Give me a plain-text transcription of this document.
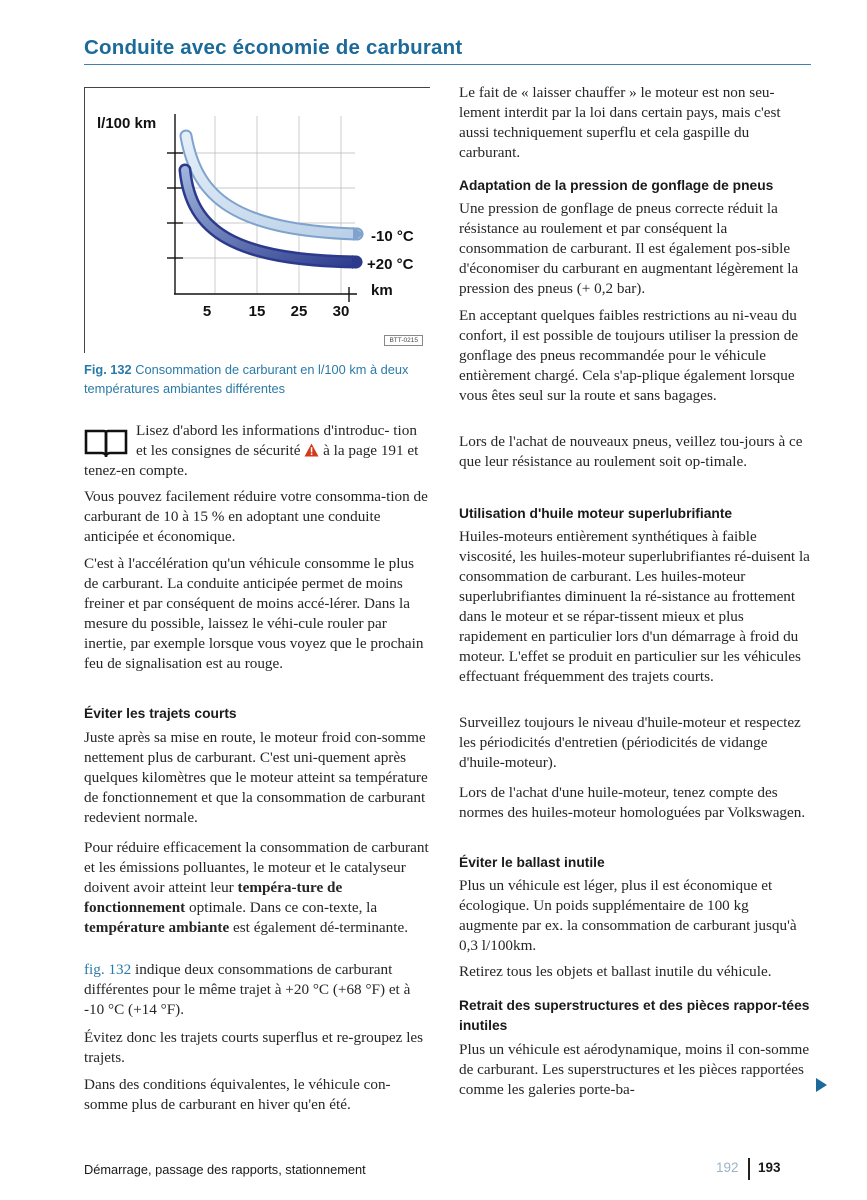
Conduite avec économie de carburant
l/100 km
-10 °C
+20 °C
km
5 15 25 30
BTT-0215
Fig. 132 Consommation de carburant en l/100 km à deux températures ambiantes différentes

Lisez d'abord les informations d'introduc- tion et les consignes de sécurité à la page 191 et tenez-en compte.

Vous pouvez facilement réduire votre consomma-tion de carburant de 10 à 15 % en adoptant une conduite anticipée et économique.

C'est à l'accélération qu'un véhicule consomme le plus de carburant. La conduite anticipée permet de moins freiner et par conséquent de moins accé-lérer. Dans la mesure du possible, laissez le véhi-cule rouler par inertie, par exemple lorsque vous voyez que le prochain feu de signalisation est au rouge.

Éviter les trajets courts

Juste après sa mise en route, le moteur froid con-somme nettement plus de carburant. C'est uni-quement après quelques kilomètres que le moteur atteint sa température de fonctionnement et que la consommation de carburant redevient normale.

Pour réduire efficacement la consommation de carburant et les émissions polluantes, le moteur et le catalyseur doivent avoir atteint leur tempéra-ture de fonctionnement optimale. Dans ce con-texte, la température ambiante est également dé-terminante.

fig. 132 indique deux consommations de carburant différentes pour le même trajet à +20 °C (+68 °F) et à -10 °C (+14 °F).

Évitez donc les trajets courts superflus et re-groupez les trajets.

Dans des conditions équivalentes, le véhicule con-somme plus de carburant en hiver qu'en été.

Le fait de « laisser chauffer » le moteur est non seu-lement interdit par la loi dans certain pays, mais c'est aussi techniquement superflu et cela gaspille du carburant.

Adaptation de la pression de gonflage de pneus

Une pression de gonflage de pneus correcte réduit la résistance au roulement et par conséquent la consommation de carburant. Il est également pos-sible d'économiser du carburant en augmentant légèrement la pression des pneus (+ 0,2 bar).

En acceptant quelques faibles restrictions au ni-veau du confort, il est possible de toujours utiliser la pression de gonflage des pneus recommandée pour le véhicule entièrement chargé. Cela s'ap-plique également lorsque vous êtes seul sur la route et sans bagages.

Lors de l'achat de nouveaux pneus, veillez tou-jours à ce que leur résistance au roulement soit op-timale.

Utilisation d'huile moteur superlubrifiante

Huiles-moteurs entièrement synthétiques à faible viscosité, les huiles-moteur superlubrifiantes ré-duisent la consommation de carburant. Les huiles-moteur superlubrifiantes diminuent la ré-sistance au frottement dans le moteur et se répar-tissent mieux et plus rapidement en particulier lors d'un démarrage à froid du moteur. L'effet se produit en particulier sur les véhicules effectuant fréquemment des trajets courts.

Surveillez toujours le niveau d'huile-moteur et respectez les périodicités d'entretien (périodicités de vidange d'huile-moteur).

Lors de l'achat d'une huile-moteur, tenez compte des normes des huiles-moteur homologuées par Volkswagen.

Éviter le ballast inutile

Plus un véhicule est léger, plus il est économique et écologique. Un poids supplémentaire de 100 kg augmente par ex. la consommation de carburant jusqu'à 0,3 l/100km.

Retirez tous les objets et ballast inutile du véhicule.

Retrait des superstructures et des pièces rappor-tées inutiles

Plus un véhicule est aérodynamique, moins il con-somme de carburant. Les superstructures et les pièces rapportées comme les galeries porte-ba-

Démarrage, passage des rapports, stationnement	192 193
